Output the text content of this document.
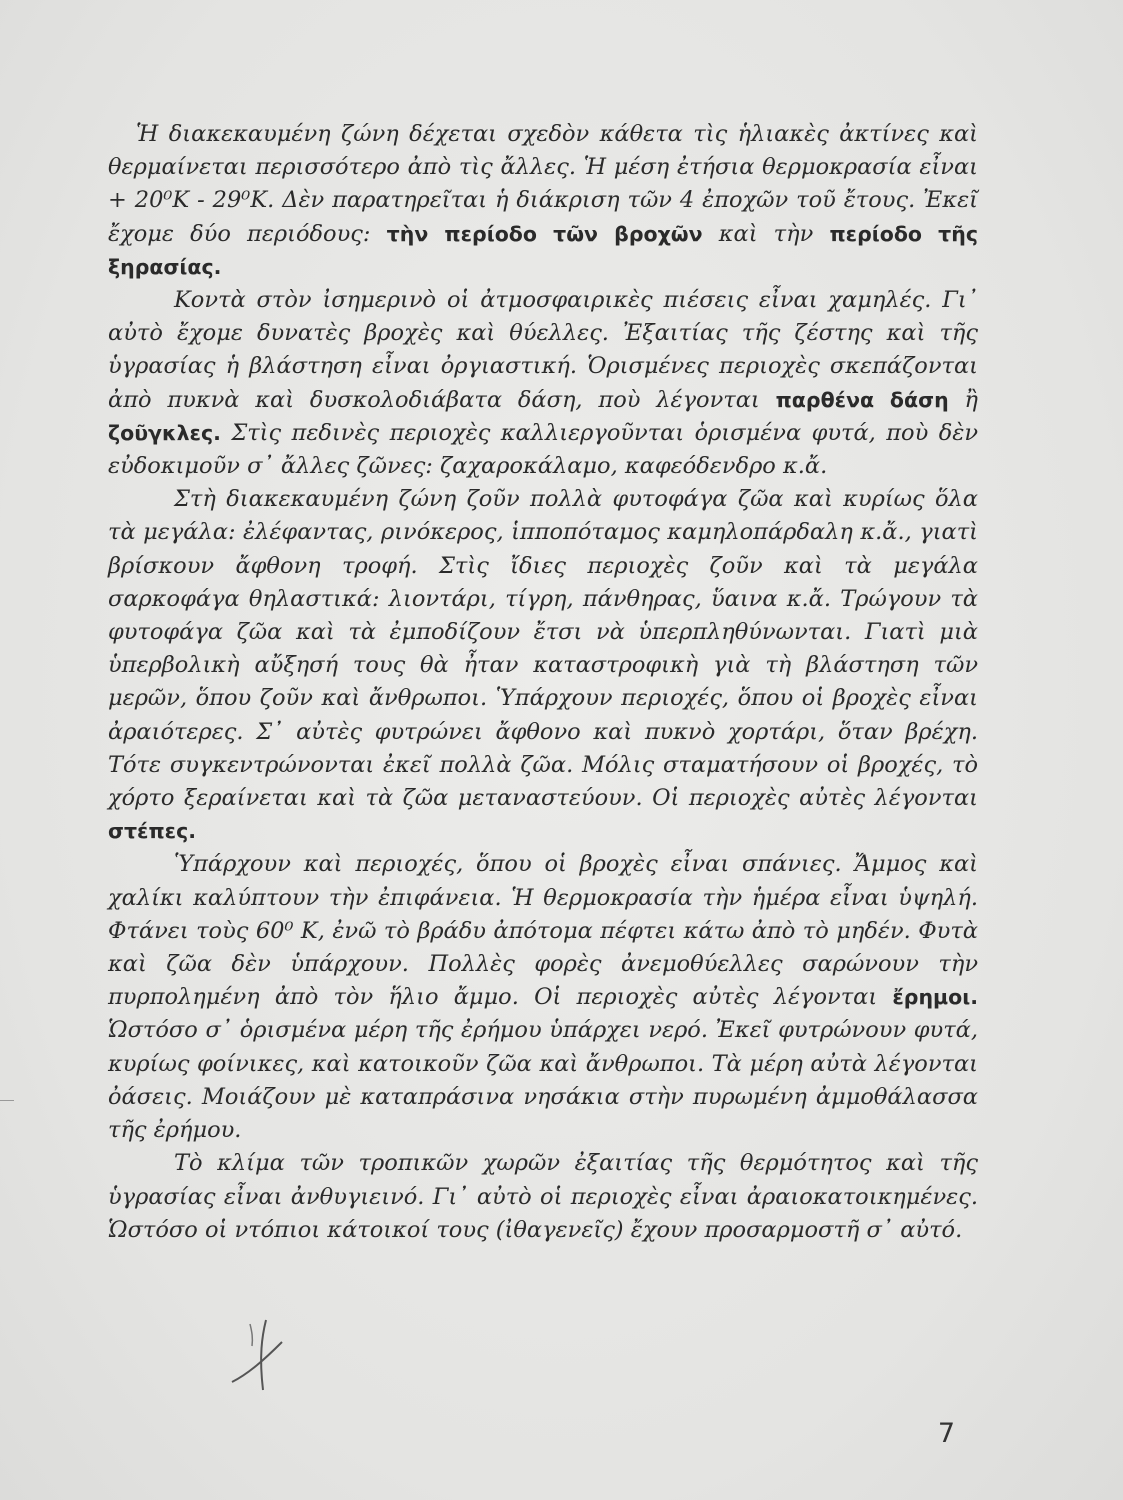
Ἡ διακεκαυμένη ζώνη δέχεται σχεδὸν κάθετα τὶς ἡλιακὲς ἀκτίνες καὶ θερμαίνεται περισσότερο ἀπὸ τὶς ἄλλες. Ἡ μέση ἐτήσια θερμοκρασία εἶναι + 20⁰Κ - 29⁰Κ. Δὲν παρατηρεῖται ἡ διάκριση τῶν 4 ἐποχῶν τοῦ ἔτους. Ἐκεῖ ἔχομε δύο περιόδους: τὴν περίοδο τῶν βροχῶν καὶ τὴν περίοδο τῆς ξηρασίας.

Κοντὰ στὸν ἰσημερινὸ οἱ ἀτμοσφαιρικὲς πιέσεις εἶναι χαμηλές. Γι᾿ αὐτὸ ἔχομε δυνατὲς βροχὲς καὶ θύελλες. Ἐξαιτίας τῆς ζέστης καὶ τῆς ὑγρασίας ἡ βλάστηση εἶναι ὀργιαστική. Ὁρισμένες περιοχὲς σκεπάζονται ἀπὸ πυκνὰ καὶ δυσκολοδιάβατα δάση, ποὺ λέγονται παρθένα δάση ἢ ζοῦγκλες. Στὶς πεδινὲς περιοχὲς καλλιεργοῦνται ὁρισμένα φυτά, ποὺ δὲν εὐδοκιμοῦν σ᾿ ἄλλες ζῶνες: ζαχαροκάλαμο, καφεόδενδρο κ.ἄ.

Στὴ διακεκαυμένη ζώνη ζοῦν πολλὰ φυτοφάγα ζῶα καὶ κυρίως ὅλα τὰ μεγάλα: ἐλέφαντας, ρινόκερος, ἱπποπόταμος καμηλοπάρδαλη κ.ἄ., γιατὶ βρίσκουν ἄφθονη τροφή. Στὶς ἴδιες περιοχὲς ζοῦν καὶ τὰ μεγάλα σαρκοφάγα θηλαστικά: λιοντάρι, τίγρη, πάνθηρας, ὕαινα κ.ἄ. Τρώγουν τὰ φυτοφάγα ζῶα καὶ τὰ ἐμποδίζουν ἔτσι νὰ ὑπερπληθύνωνται. Γιατὶ μιὰ ὑπερβολικὴ αὔξησή τους θὰ ἦταν καταστροφικὴ γιὰ τὴ βλάστηση τῶν μερῶν, ὅπου ζοῦν καὶ ἄνθρωποι. Ὑπάρχουν περιοχές, ὅπου οἱ βροχὲς εἶναι ἀραιότερες. Σ᾿ αὐτὲς φυτρώνει ἄφθονο καὶ πυκνὸ χορτάρι, ὅταν βρέχη. Τότε συγκεντρώνονται ἐκεῖ πολλὰ ζῶα. Μόλις σταματήσουν οἱ βροχές, τὸ χόρτο ξεραίνεται καὶ τὰ ζῶα μεταναστεύουν. Οἱ περιοχὲς αὐτὲς λέγονται στέπες.

Ὑπάρχουν καὶ περιοχές, ὅπου οἱ βροχὲς εἶναι σπάνιες. Ἄμμος καὶ χαλίκι καλύπτουν τὴν ἐπιφάνεια. Ἡ θερμοκρασία τὴν ἡμέρα εἶναι ὑψηλή. Φτάνει τοὺς 60⁰ Κ, ἐνῶ τὸ βράδυ ἀπότομα πέφτει κάτω ἀπὸ τὸ μηδέν. Φυτὰ καὶ ζῶα δὲν ὑπάρχουν. Πολλὲς φορὲς ἀνεμοθύελλες σαρώνουν τὴν πυρπολημένη ἀπὸ τὸν ἥλιο ἄμμο. Οἱ περιοχὲς αὐτὲς λέγονται ἔρημοι. Ὡστόσο σ᾿ ὁρισμένα μέρη τῆς ἐρήμου ὑπάρχει νερό. Ἐκεῖ φυτρώνουν φυτά, κυρίως φοίνικες, καὶ κατοικοῦν ζῶα καὶ ἄνθρωποι. Τὰ μέρη αὐτὰ λέγονται ὀάσεις. Μοιάζουν μὲ καταπράσινα νησάκια στὴν πυρωμένη ἀμμοθάλασσα τῆς ἐρήμου.

Τὸ κλίμα τῶν τροπικῶν χωρῶν ἐξαιτίας τῆς θερμότητος καὶ τῆς ὑγρασίας εἶναι ἀνθυγιεινό. Γι᾿ αὐτὸ οἱ περιοχὲς εἶναι ἀραιοκατοικημένες. Ὡστόσο οἱ ντόπιοι κάτοικοί τους (ἰθαγενεῖς) ἔχουν προσαρμοστῆ σ᾿ αὐτό.

7
